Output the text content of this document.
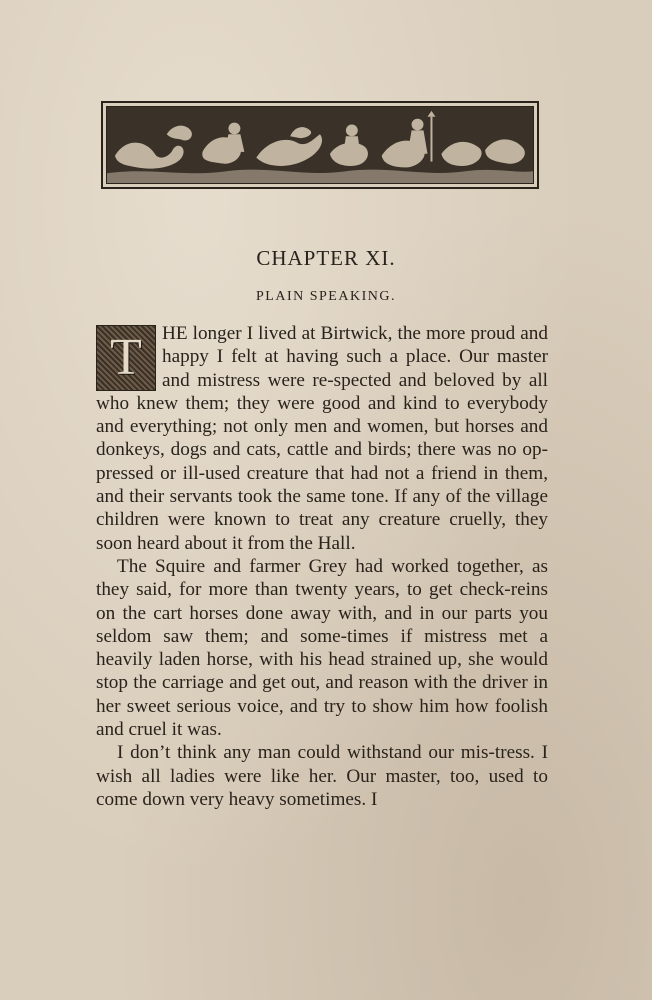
CHAPTER XI.
PLAIN SPEAKING.
T	HE longer I lived at Birtwick, the more proud and happy I felt at having such a place. Our master and mistress were re-spected and beloved by all who knew them; they were good and kind to everybody and everything; not only men and women, but horses and donkeys, dogs and cats, cattle and birds; there was no op-pressed or ill-used creature that had not a friend in them, and their servants took the same tone. If any of the village children were known to treat any creature cruelly, they soon heard about it from the Hall.

The Squire and farmer Grey had worked together, as they said, for more than twenty years, to get check-reins on the cart horses done away with, and in our parts you seldom saw them; and some-times if mistress met a heavily laden horse, with his head strained up, she would stop the carriage and get out, and reason with the driver in her sweet serious voice, and try to show him how foolish and cruel it was.

I don’t think any man could withstand our mis-tress. I wish all ladies were like her. Our master, too, used to come down very heavy sometimes. I
